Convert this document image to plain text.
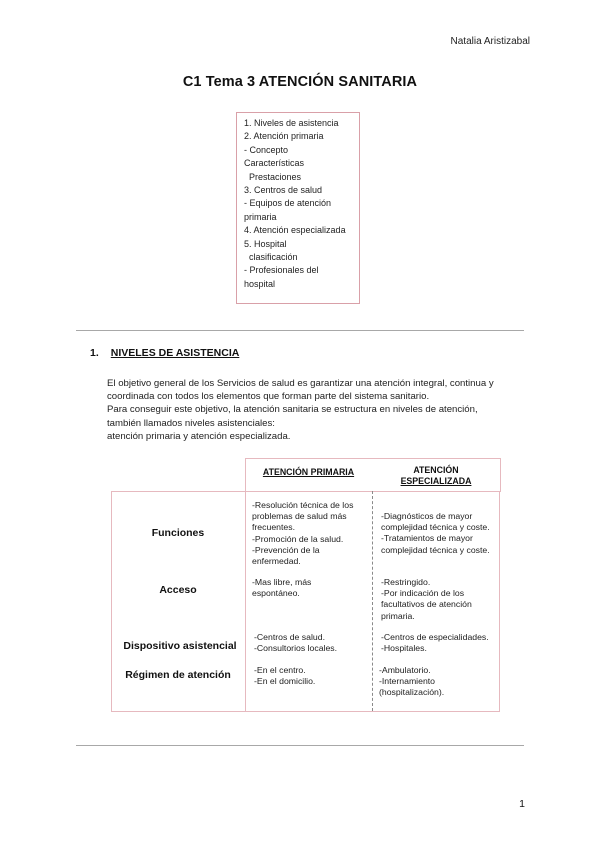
Natalia Aristizabal
C1 Tema 3 ATENCIÓN SANITARIA
1. Niveles de asistencia
2. Atención primaria
- Concepto
Características
Prestaciones
3. Centros de salud
- Equipos de atención
primaria
4. Atención especializada
5. Hospital
clasificación
- Profesionales del
hospital
1. NIVELES DE ASISTENCIA
El objetivo general de los Servicios de salud es garantizar una atención integral, continua y
coordinada con todos los elementos que forman parte del sistema sanitario.
Para conseguir este objetivo, la atención sanitaria se estructura en niveles de atención,
también llamados niveles asistenciales:
atención primaria y atención especializada.
ATENCIÓN PRIMARIA	ATENCIÓN
ESPECIALIZADA
Funciones
Acceso
Dispositivo asistencial
Régimen de atención
-Resolución técnica de los
problemas de salud más
frecuentes.
-Promoción de la salud.
-Prevención de la
enfermedad.
-Diagnósticos de mayor
complejidad técnica y coste.
-Tratamientos de mayor
complejidad técnica y coste.
-Mas libre, más
espontáneo.
-Restringido.
-Por indicación de los
facultativos de atención
primaria.
-Centros de salud.
-Consultorios locales.
-Centros de especialidades.
-Hospitales.
-En el centro.
-En el domicilio.
-Ambulatorio.
-Internamiento
(hospitalización).
1
